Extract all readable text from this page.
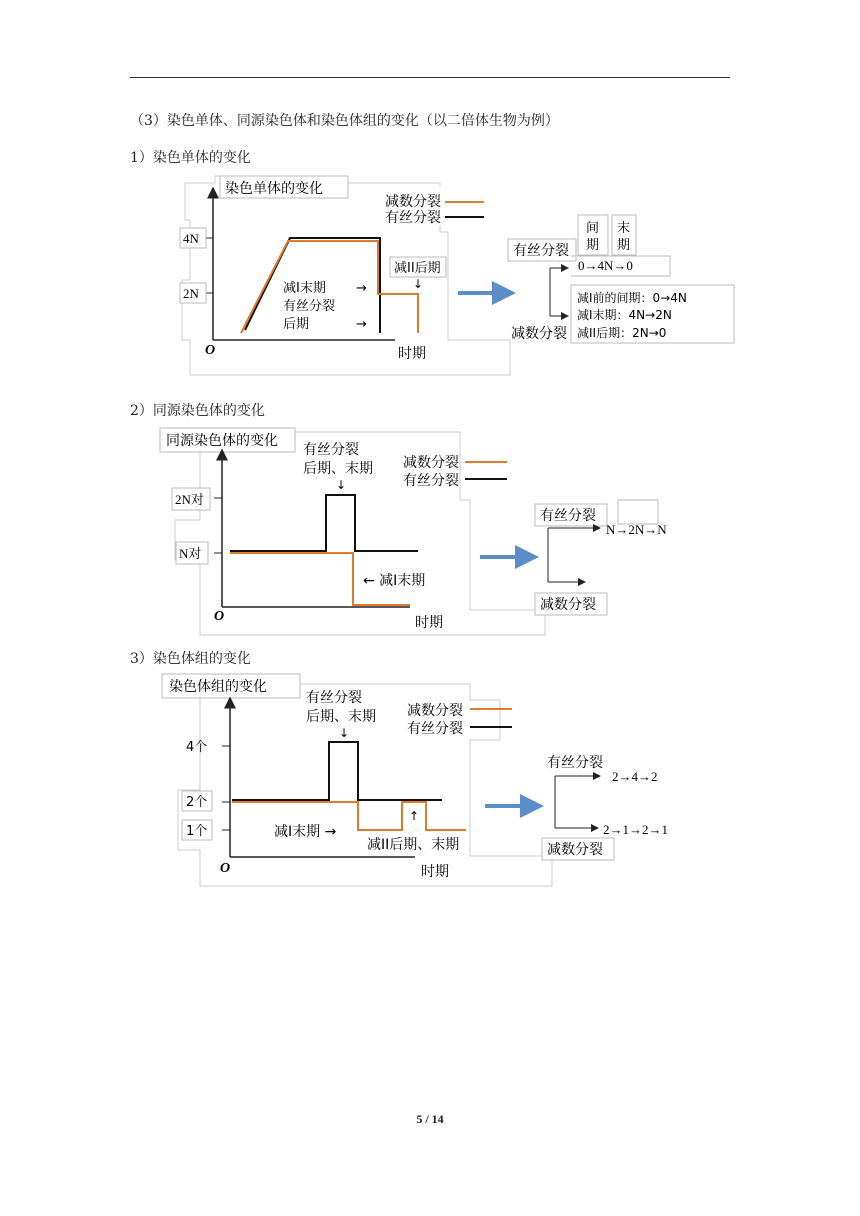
（3）染色单体、同源染色体和染色体组的变化（以二倍体生物为例）
1）染色单体的变化
2）同源染色体的变化
3）染色体组的变化
染色单体的变化
4N
2N
O	时期
减数分裂
有丝分裂
减II后期
↓
减I末期
有丝分裂
后期
→
→
有丝分裂
间
期
末
期
0→4N→0
减I前的间期：0→4N
减I末期：4N→2N
减II后期：2N→0
减数分裂
同源染色体的变化
2N对
N对
O	时期
有丝分裂
后期、末期
↓
← 减I末期
减数分裂
有丝分裂
有丝分裂
N→2N→N
减数分裂
染色体组的变化
4个
2个
1个
O	时期
有丝分裂
后期、末期
↓
减I末期 →
↑
减II后期、末期
减数分裂
有丝分裂
有丝分裂
2→4→2
2→1→2→1
减数分裂
5 / 14
